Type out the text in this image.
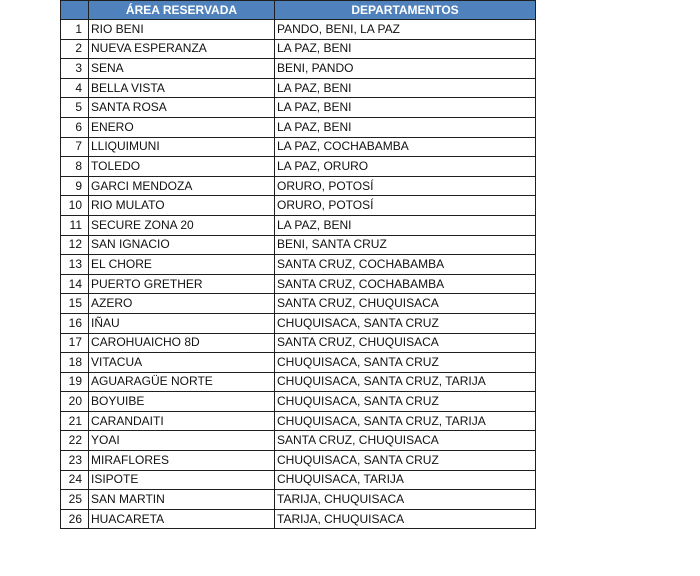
	ÁREA RESERVADA	DEPARTAMENTOS
1	RIO BENI	PANDO, BENI, LA PAZ
2	NUEVA ESPERANZA	LA PAZ, BENI
3	SENA	BENI, PANDO
4	BELLA VISTA	LA PAZ, BENI
5	SANTA ROSA	LA PAZ, BENI
6	ENERO	LA PAZ, BENI
7	LLIQUIMUNI	LA PAZ, COCHABAMBA
8	TOLEDO	LA PAZ, ORURO
9	GARCI MENDOZA	ORURO, POTOSÍ
10	RIO MULATO	ORURO, POTOSÍ
11	SECURE ZONA 20	LA PAZ, BENI
12	SAN IGNACIO	BENI, SANTA CRUZ
13	EL CHORE	SANTA CRUZ, COCHABAMBA
14	PUERTO GRETHER	SANTA CRUZ, COCHABAMBA
15	AZERO	SANTA CRUZ, CHUQUISACA
16	IÑAU	CHUQUISACA, SANTA CRUZ
17	CAROHUAICHO 8D	SANTA CRUZ, CHUQUISACA
18	VITACUA	CHUQUISACA, SANTA CRUZ
19	AGUARAGÜE NORTE	CHUQUISACA, SANTA CRUZ, TARIJA
20	BOYUIBE	CHUQUISACA, SANTA CRUZ
21	CARANDAITI	CHUQUISACA, SANTA CRUZ, TARIJA
22	YOAI	SANTA CRUZ, CHUQUISACA
23	MIRAFLORES	CHUQUISACA, SANTA CRUZ
24	ISIPOTE	CHUQUISACA, TARIJA
25	SAN MARTIN	TARIJA, CHUQUISACA
26	HUACARETA	TARIJA, CHUQUISACA
